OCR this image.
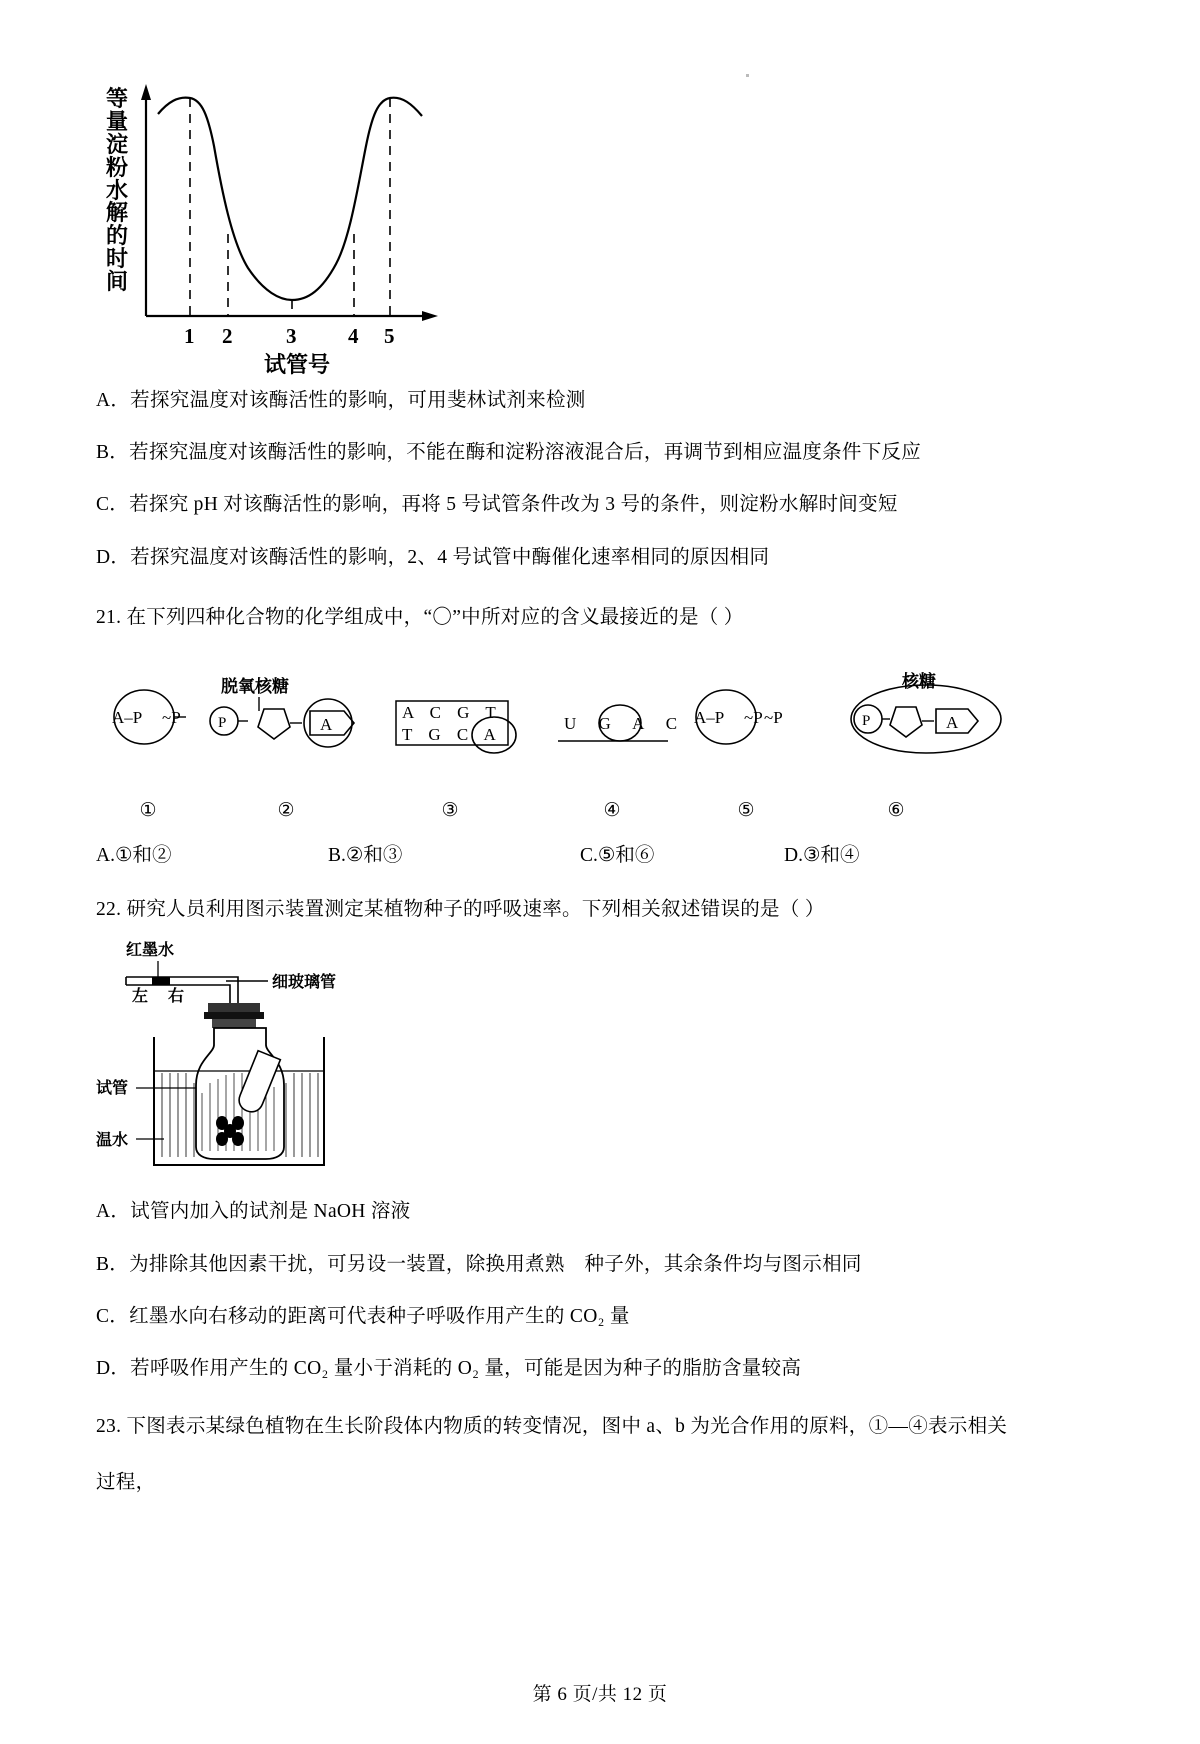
1 2	3 4 5
等量淀粉水解的时间
试管号

A．若探究温度对该酶活性的影响，可用斐林试剂来检测

B．若探究温度对该酶活性的影响，不能在酶和淀粉溶液混合后，再调节到相应温度条件下反应

C．若探究 pH 对该酶活性的影响，再将 5 号试管条件改为 3 号的条件，则淀粉水解时间变短

D．若探究温度对该酶活性的影响，2、4 号试管中酶催化速率相同的原因相同

21. 在下列四种化合物的化学组成中，“〇”中所对应的含义最接近的是（ ）

A–P ~P
脱氧核糖
P	A
A C G T
T G C A
U G A C A–P ~P ~P
核糖
P	A
①	②	③	④	⑤	⑥
A.①和②	B.②和③	C.⑤和⑥	D.③和④

22. 研究人员利用图示装置测定某植物种子的呼吸速率。下列相关叙述错误的是（ ）

红墨水
左 右
细玻璃管
试管
温水

A．试管内加入的试剂是 NaOH 溶液

B．为排除其他因素干扰，可另设一装置，除换用煮熟　种子外，其余条件均与图示相同

C．红墨水向右移动的距离可代表种子呼吸作用产生的 CO₂ 量

D．若呼吸作用产生的 CO₂ 量小于消耗的 O₂ 量，可能是因为种子的脂肪含量较高

23. 下图表示某绿色植物在生长阶段体内物质的转变情况，图中 a、b 为光合作用的原料，①—④表示相关

过程，

第 6 页/共 12 页
